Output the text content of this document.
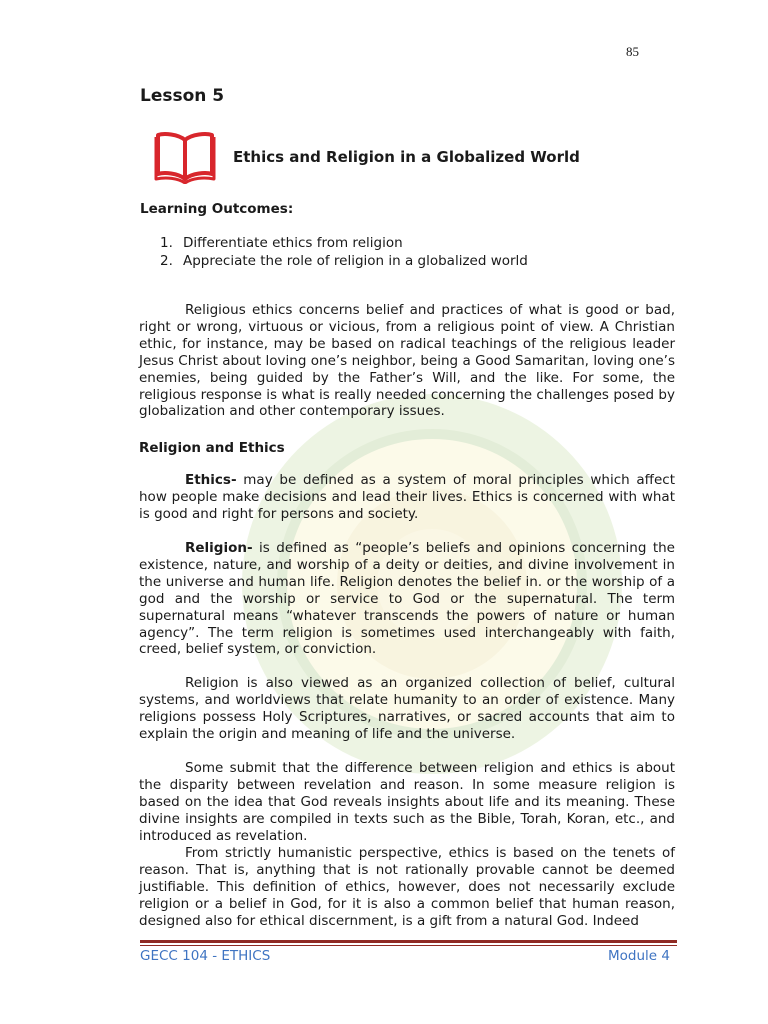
85
Lesson 5
Ethics and Religion in a Globalized World
Learning Outcomes:
1. Differentiate ethics from religion
2. Appreciate the role of religion in a globalized world

Religious ethics concerns belief and practices of what is good or bad, right or wrong, virtuous or vicious, from a religious point of view. A Christian ethic, for instance, may be based on radical teachings of the religious leader Jesus Christ about loving one’s neighbor, being a Good Samaritan, loving one’s enemies, being guided by the Father’s Will, and the like. For some, the religious response is what is really needed concerning the challenges posed by globalization and other contemporary issues.

Religion and Ethics

Ethics- may be defined as a system of moral principles which affect how people make decisions and lead their lives. Ethics is concerned with what is good and right for persons and society.

Religion- is defined as “people’s beliefs and opinions concerning the existence, nature, and worship of a deity or deities, and divine involvement in the universe and human life. Religion denotes the belief in. or the worship of a god and the worship or service to God or the supernatural. The term supernatural means “whatever transcends the powers of nature or human agency”. The term religion is sometimes used interchangeably with faith, creed, belief system, or conviction.

Religion is also viewed as an organized collection of belief, cultural systems, and worldviews that relate humanity to an order of existence. Many religions possess Holy Scriptures, narratives, or sacred accounts that aim to explain the origin and meaning of life and the universe.

Some submit that the difference between religion and ethics is about the disparity between revelation and reason. In some measure religion is based on the idea that God reveals insights about life and its meaning. These divine insights are compiled in texts such as the Bible, Torah, Koran, etc., and introduced as revelation.

From strictly humanistic perspective, ethics is based on the tenets of reason. That is, anything that is not rationally provable cannot be deemed justifiable. This definition of ethics, however, does not necessarily exclude religion or a belief in God, for it is also a common belief that human reason, designed also for ethical discernment, is a gift from a natural God. Indeed

GECC 104 - ETHICS	Module 4
